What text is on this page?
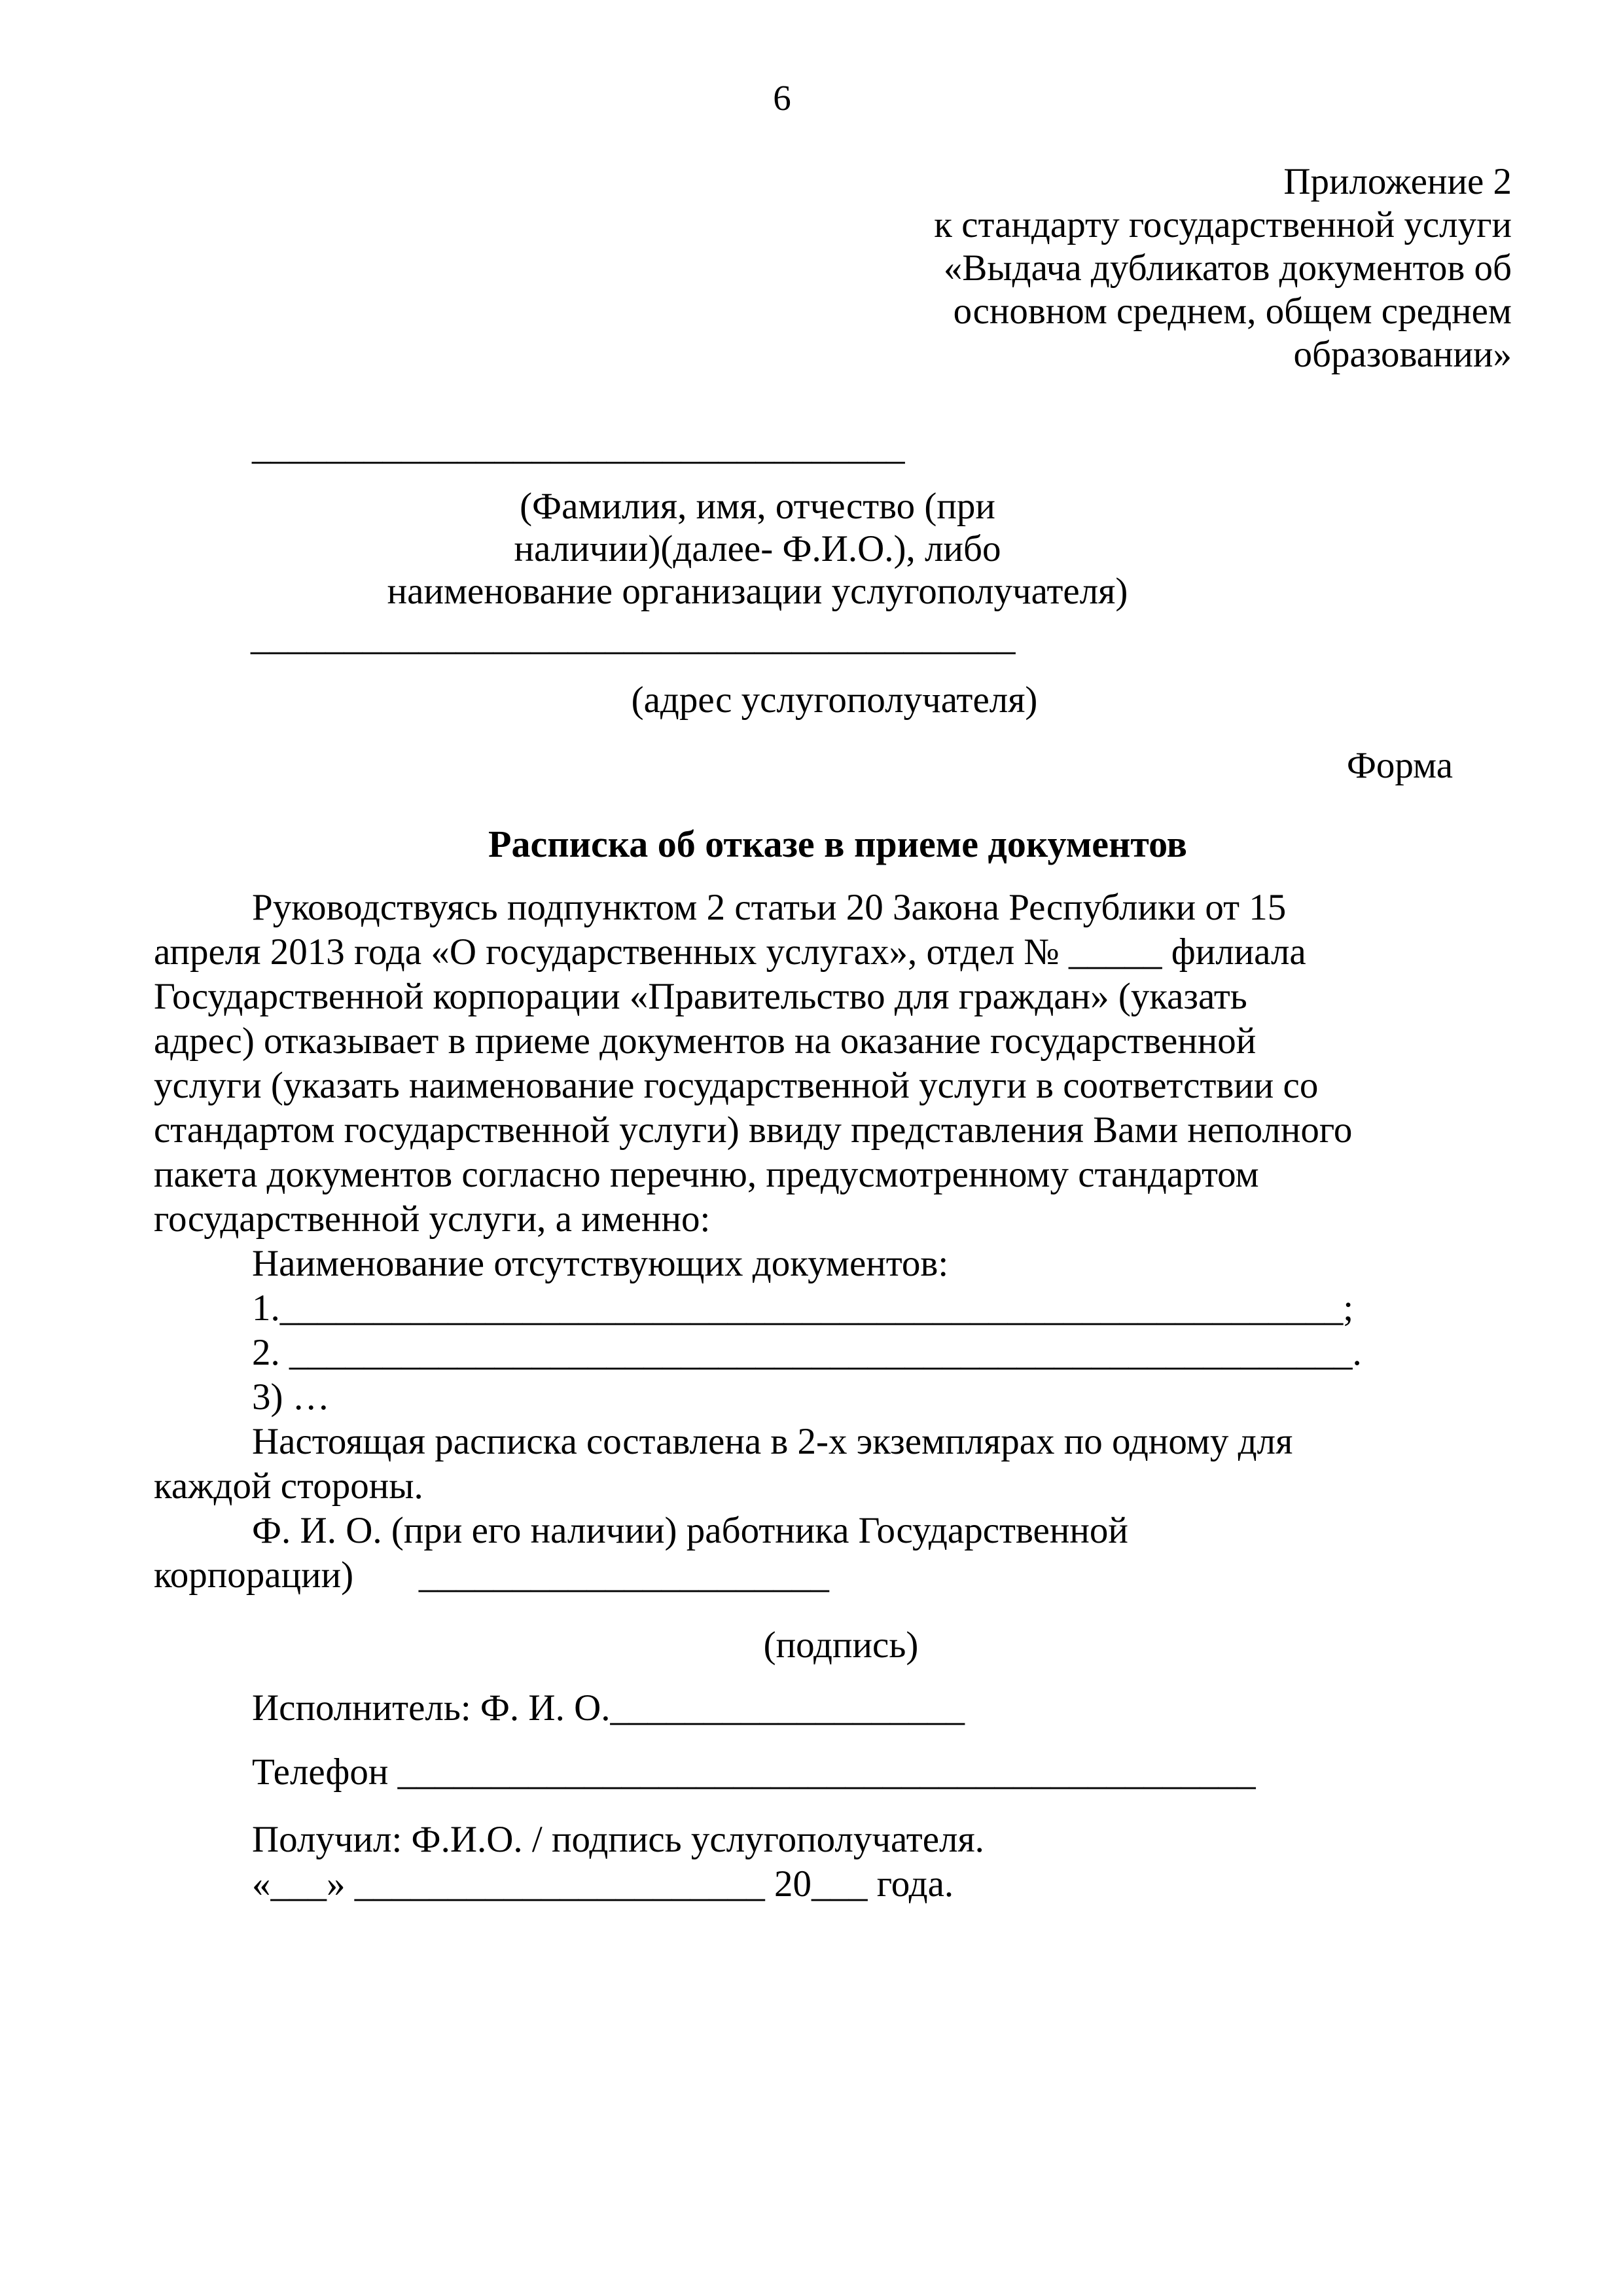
6
Приложение 2
к стандарту государственной услуги
«Выдача дубликатов документов об
основном среднем, общем среднем
образовании»
___________________________________
(Фамилия, имя, отчество (при
наличии)(далее- Ф.И.О.), либо
наименование организации услугополучателя)
_________________________________________
(адрес услугополучателя)
Форма
Расписка об отказе в приеме документов
Руководствуясь подпунктом 2 статьи 20 Закона Республики от 15
апреля 2013 года «О государственных услугах», отдел № _____ филиала
Государственной корпорации «Правительство для граждан» (указать
адрес) отказывает в приеме документов на оказание государственной
услуги (указать наименование государственной услуги в соответствии со
стандартом государственной услуги) ввиду представления Вами неполного
пакета документов согласно перечню, предусмотренному стандартом
государственной услуги, а именно:
Наименование отсутствующих документов:
1._________________________________________________________;
2. _________________________________________________________.
3) …
Настоящая расписка составлена в 2-х экземплярах по одному для
каждой стороны.
Ф. И. О. (при его наличии) работника Государственной
корпорации)       ______________________
(подпись)
Исполнитель: Ф. И. О.___________________
Телефон ______________________________________________
Получил: Ф.И.О. / подпись услугополучателя.
«___» ______________________ 20___ года.
